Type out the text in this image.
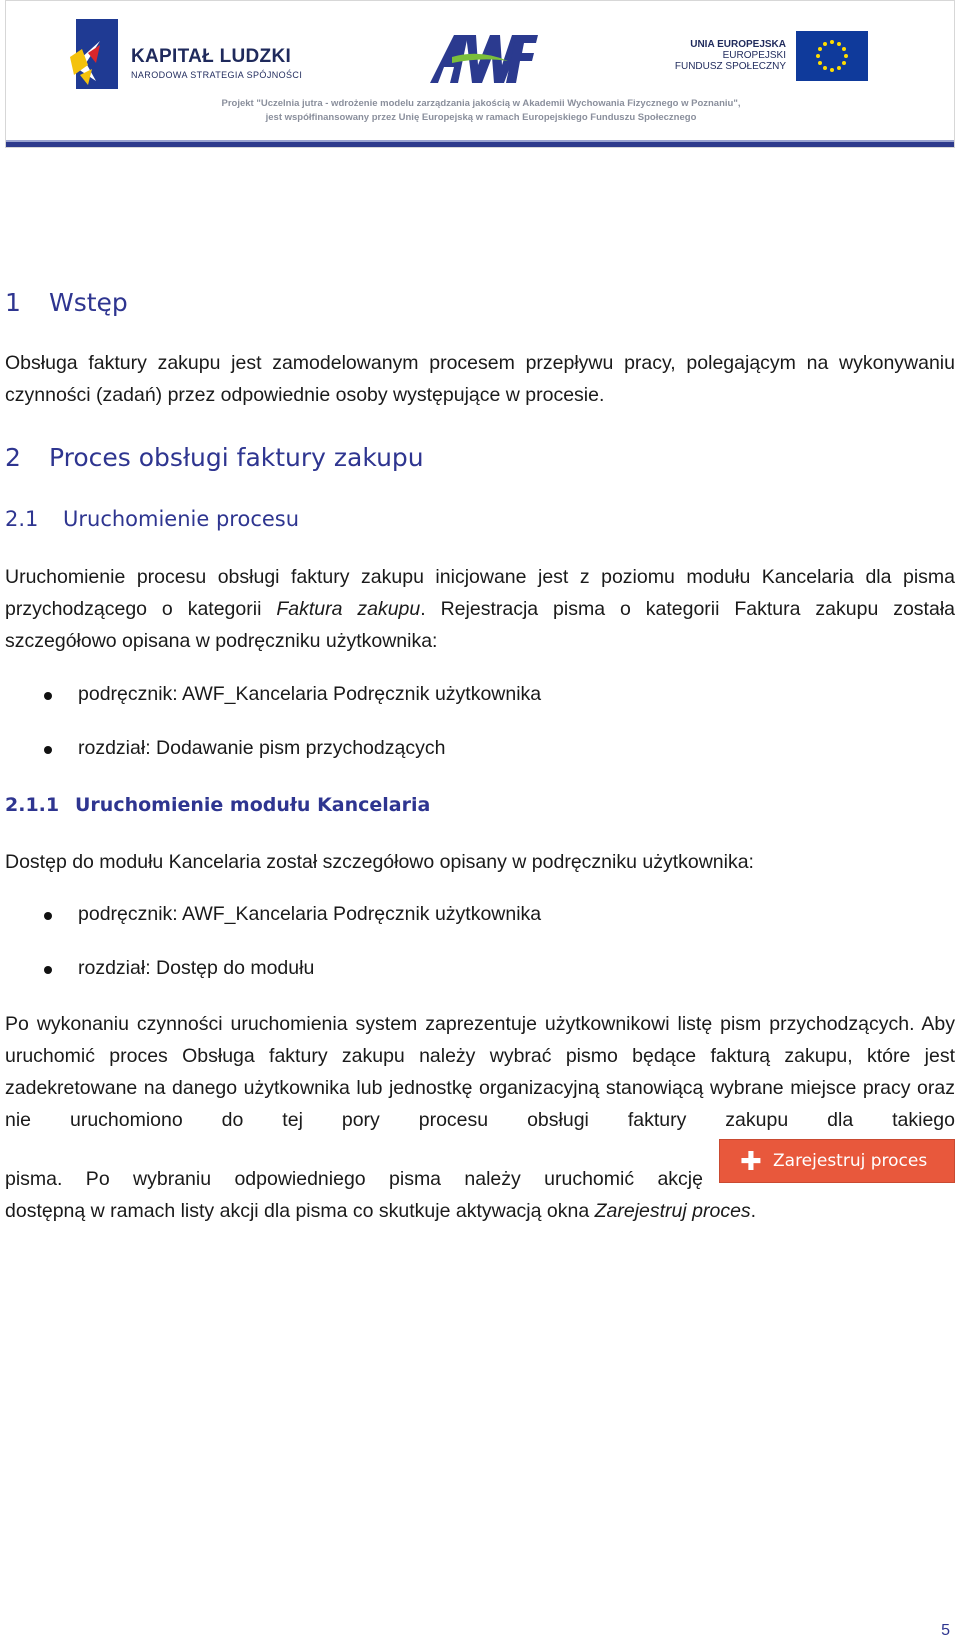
KAPITAŁ LUDZKI
NARODOWA STRATEGIA SPÓJNOŚCI
UNIA EUROPEJSKA
EUROPEJSKI
FUNDUSZ SPOŁECZNY
Projekt "Uczelnia jutra - wdrożenie modelu zarządzania jakością w Akademii Wychowania Fizycznego w Poznaniu",
jest współfinansowany przez Unię Europejską w ramach Europejskiego Funduszu Społecznego
1 Wstęp
Obsługa faktury zakupu jest zamodelowanym procesem przepływu pracy, polegającym na wykonywaniu czynności (zadań) przez odpowiednie osoby występujące w procesie.
2 Proces obsługi faktury zakupu
2.1 Uruchomienie procesu
Uruchomienie procesu obsługi faktury zakupu inicjowane jest z poziomu modułu Kancelaria dla pisma przychodzącego o kategorii Faktura zakupu. Rejestracja pisma o kategorii Faktura zakupu została szczegółowo opisana w podręczniku użytkownika:
podręcznik: AWF_Kancelaria Podręcznik użytkownika
rozdział: Dodawanie pism przychodzących
2.1.1 Uruchomienie modułu Kancelaria
Dostęp do modułu Kancelaria został szczegółowo opisany w podręczniku użytkownika:
podręcznik: AWF_Kancelaria Podręcznik użytkownika
rozdział: Dostęp do modułu
Po wykonaniu czynności uruchomienia system zaprezentuje użytkownikowi listę pism przychodzących. Aby uruchomić proces Obsługa faktury zakupu należy wybrać pismo będące fakturą zakupu, które jest zadekretowane na danego użytkownika lub jednostkę organizacyjną stanowiącą wybrane miejsce pracy oraz nie uruchomiono do tej pory procesu obsługi faktury zakupu dla takiego
pisma. Po wybraniu odpowiedniego pisma należy uruchomić akcję
✚ Zarejestruj proces
dostępną w ramach listy akcji dla pisma co skutkuje aktywacją okna Zarejestruj proces.
5
